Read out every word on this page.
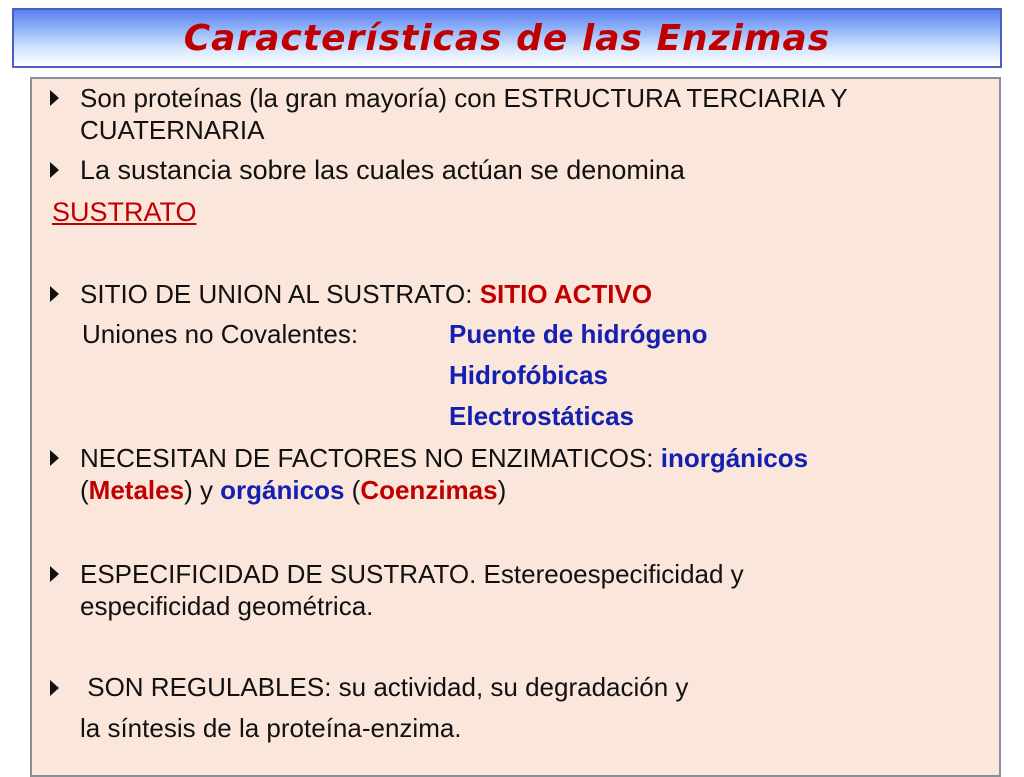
Características de las Enzimas
Son proteínas (la gran mayoría) con ESTRUCTURA TERCIARIA Y
CUATERNARIA
La sustancia sobre las cuales actúan se denomina
SUSTRATO
SITIO DE UNION AL SUSTRATO: SITIO ACTIVO
Uniones no Covalentes:	Puente de hidrógeno
Hidrofóbicas
Electrostáticas
NECESITAN DE FACTORES NO ENZIMATICOS: inorgánicos
(Metales) y orgánicos (Coenzimas)
ESPECIFICIDAD DE SUSTRATO. Estereoespecificidad y
especificidad geométrica.
SON REGULABLES: su actividad, su degradación y
la síntesis de la proteína-enzima.
